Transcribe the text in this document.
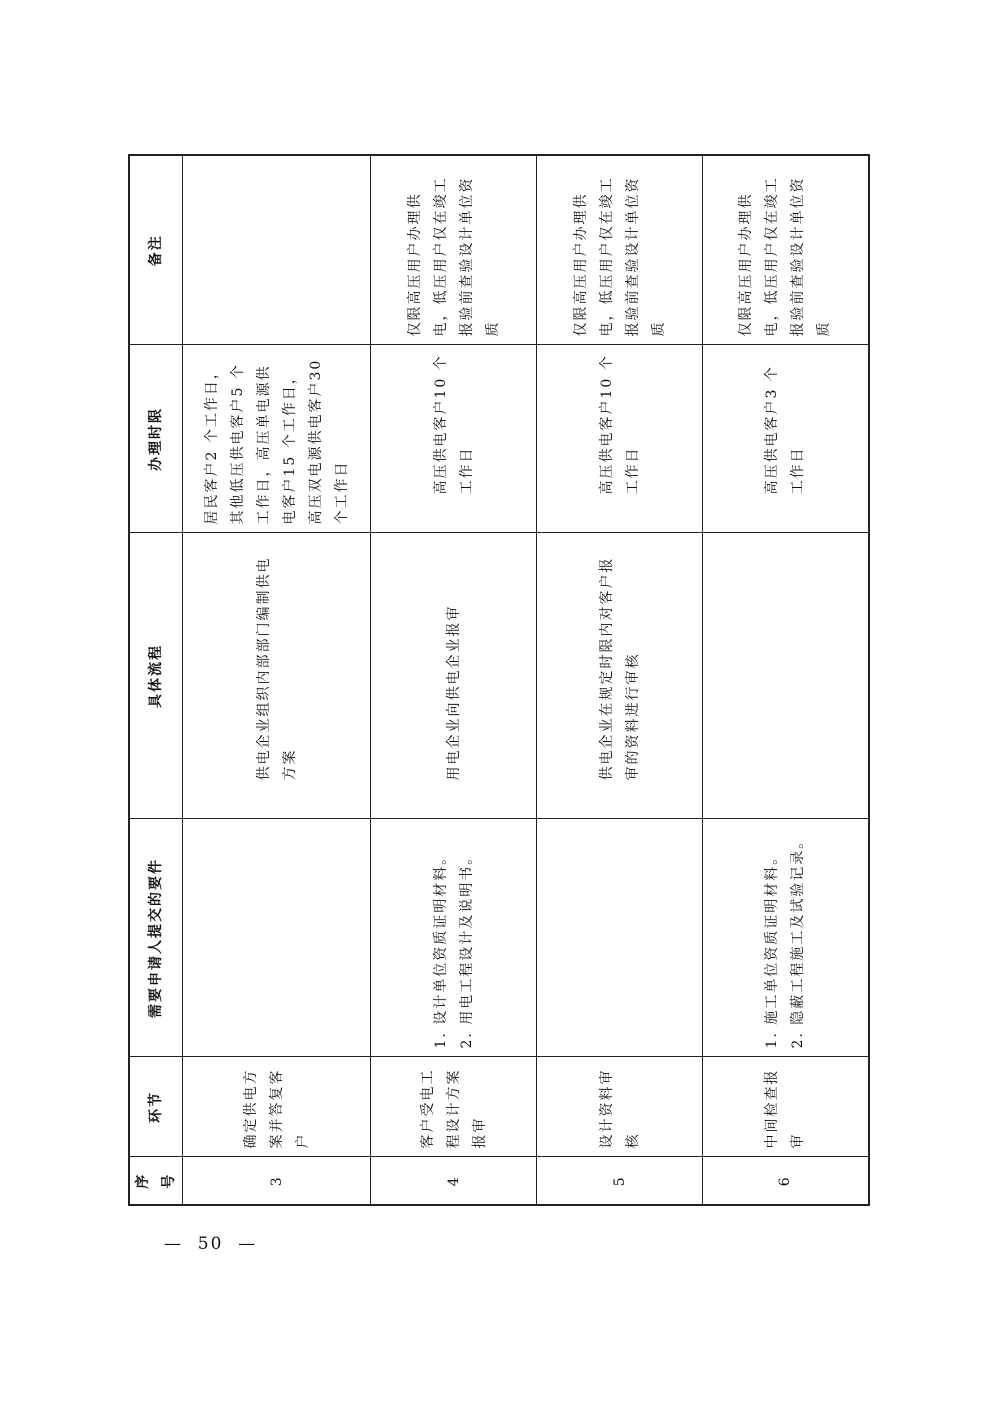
序号	环节	需要申请人提交的要件	具体流程	办理时限	备注
3	确定供电方案并答复客户		供电企业组织内部部门编制供电方案	居民客户2 个工作日，其他低压供电客户5 个工作日，高压单电源供电客户15 个工作日，高压双电源供电客户30 个工作日	
4	客户受电工程设计方案报审	1. 设计单位资质证明材料。 2. 用电工程设计及说明书。	用电企业向供电企业报审	高压供电客户10 个工作日	仅限高压用户办理供电，低压用户仅在竣工报验前查验设计单位资质
5	设计资料审核		供电企业在规定时限内对客户报审的资料进行审核	高压供电客户10 个工作日	仅限高压用户办理供电，低压用户仅在竣工报验前查验设计单位资质
6	中间检查报审	1. 施工单位资质证明材料。 2. 隐蔽工程施工及试验记录。		高压供电客户3 个工作日	仅限高压用户办理供电，低压用户仅在竣工报验前查验设计单位资质
—  50  —
